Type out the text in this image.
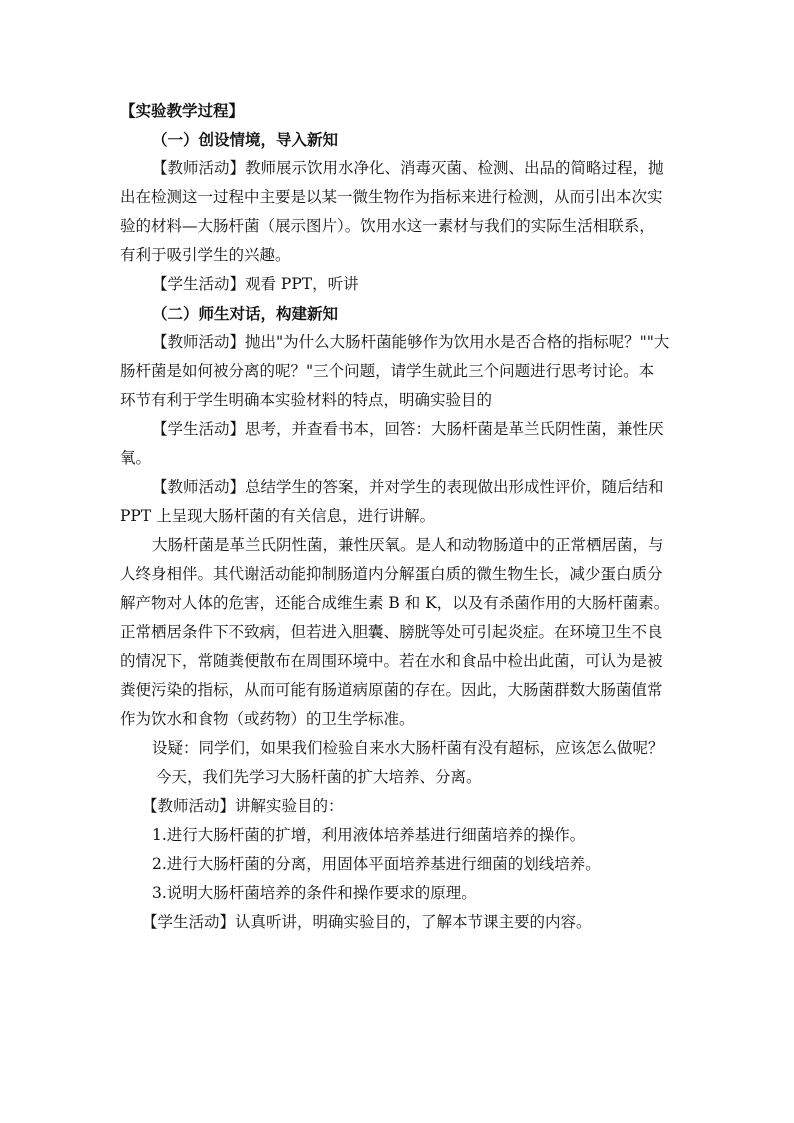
【实验教学过程】

（一）创设情境，导入新知

【教师活动】教师展示饮用水净化、消毒灭菌、检测、出品的简略过程，抛

出在检测这一过程中主要是以某一微生物作为指标来进行检测，从而引出本次实

验的材料—大肠杆菌（展示图片）。饮用水这一素材与我们的实际生活相联系，

有利于吸引学生的兴趣。

【学生活动】观看 PPT，听讲

（二）师生对话，构建新知

【教师活动】抛出"为什么大肠杆菌能够作为饮用水是否合格的指标呢？""大

肠杆菌是如何被分离的呢？"三个问题，请学生就此三个问题进行思考讨论。本

环节有利于学生明确本实验材料的特点，明确实验目的

【学生活动】思考，并查看书本，回答：大肠杆菌是革兰氏阴性菌，兼性厌

氧。

【教师活动】总结学生的答案，并对学生的表现做出形成性评价，随后结和

PPT 上呈现大肠杆菌的有关信息，进行讲解。

大肠杆菌是革兰氏阴性菌，兼性厌氧。是人和动物肠道中的正常栖居菌，与

人终身相伴。其代谢活动能抑制肠道内分解蛋白质的微生物生长，减少蛋白质分

解产物对人体的危害，还能合成维生素 B 和 K，以及有杀菌作用的大肠杆菌素。

正常栖居条件下不致病，但若进入胆囊、膀胱等处可引起炎症。在环境卫生不良

的情况下，常随粪便散布在周围环境中。若在水和食品中检出此菌，可认为是被

粪便污染的指标，从而可能有肠道病原菌的存在。因此，大肠菌群数大肠菌值常

作为饮水和食物（或药物）的卫生学标准。

设疑：同学们，如果我们检验自来水大肠杆菌有没有超标，应该怎么做呢？

今天，我们先学习大肠杆菌的扩大培养、分离。

【教师活动】讲解实验目的：

1.进行大肠杆菌的扩增，利用液体培养基进行细菌培养的操作。

2.进行大肠杆菌的分离，用固体平面培养基进行细菌的划线培养。

3.说明大肠杆菌培养的条件和操作要求的原理。

【学生活动】认真听讲，明确实验目的，了解本节课主要的内容。
